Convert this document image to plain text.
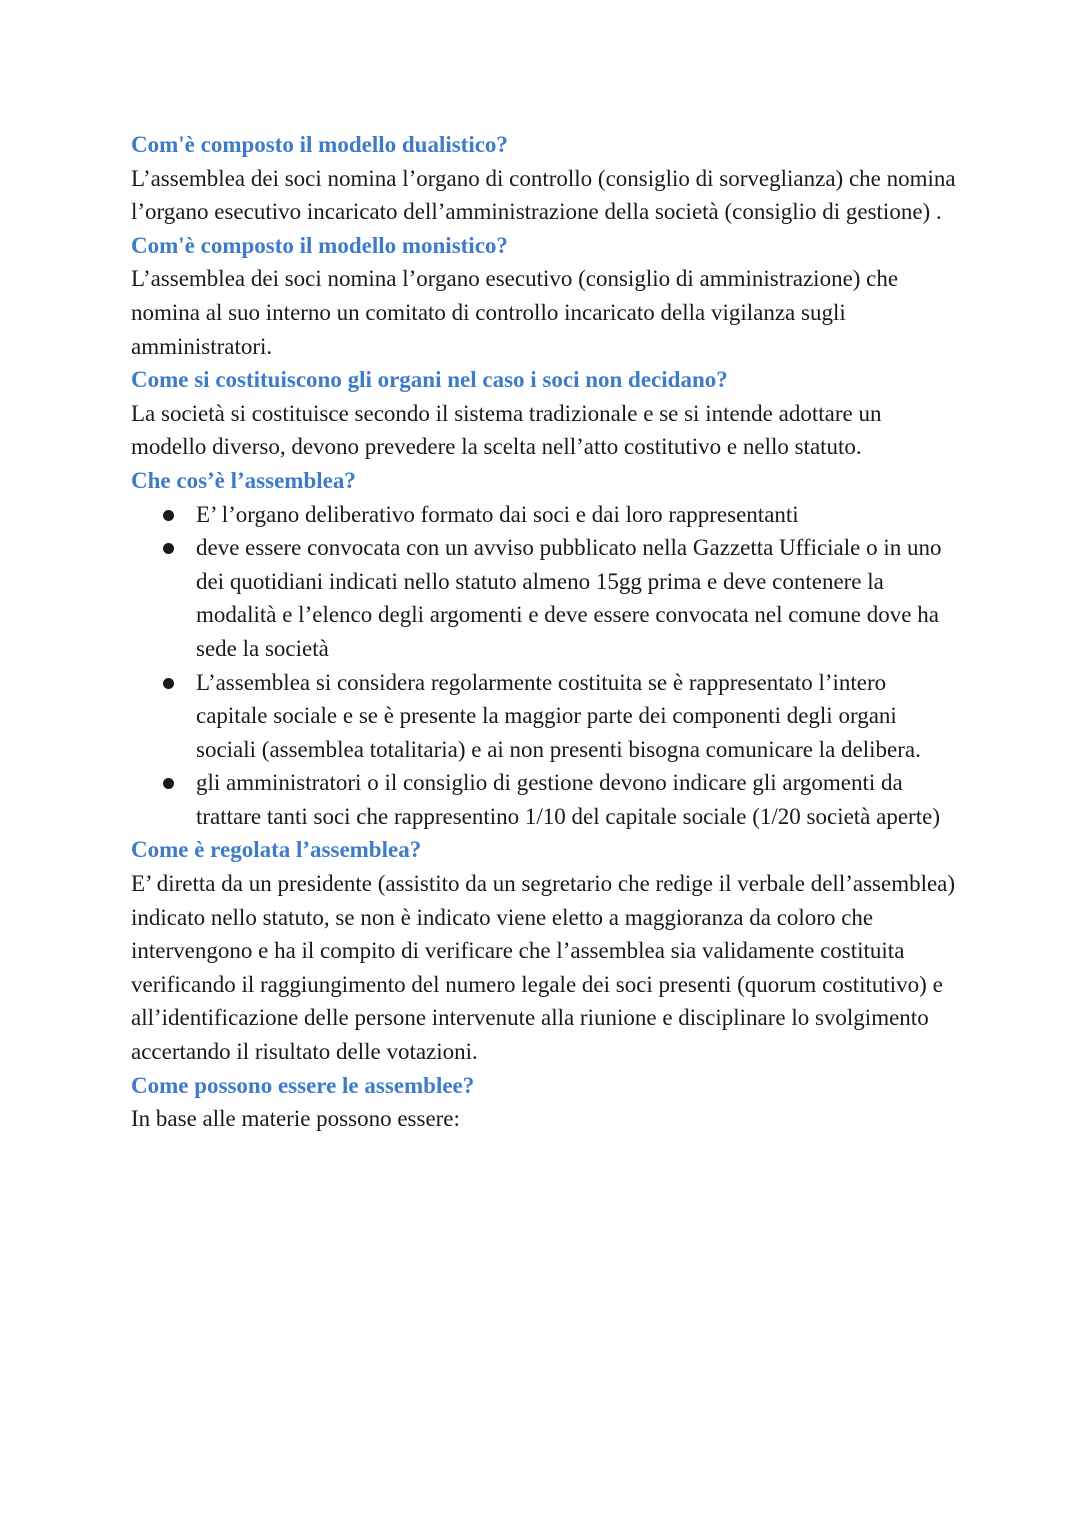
Com'è composto il modello dualistico?
L’assemblea dei soci nomina l’organo di controllo (consiglio di sorveglianza) che nomina l’organo esecutivo incaricato dell’amministrazione della società (consiglio di gestione) .
Com'è composto il modello monistico?
L’assemblea dei soci nomina l’organo esecutivo (consiglio di amministrazione) che nomina al suo interno un comitato di controllo incaricato della vigilanza sugli amministratori.
Come si costituiscono gli organi nel caso i soci non decidano?
La società si costituisce secondo il sistema tradizionale e se si intende adottare un modello diverso, devono prevedere la scelta nell’atto costitutivo e nello statuto.
Che cos’è l’assemblea?
E’ l’organo deliberativo formato dai soci e dai loro rappresentanti
deve essere convocata con un avviso pubblicato nella Gazzetta Ufficiale o in uno dei quotidiani indicati nello statuto almeno 15gg prima e deve contenere la modalità e l’elenco degli argomenti e deve essere convocata nel comune dove ha sede la società
L’assemblea si considera regolarmente costituita se è rappresentato l’intero capitale sociale e se è presente la maggior parte dei componenti degli organi sociali (assemblea totalitaria) e ai non presenti bisogna comunicare la delibera.
gli amministratori o il consiglio di gestione devono indicare gli argomenti da trattare tanti soci che rappresentino 1/10 del capitale sociale (1/20 società aperte)
Come è regolata l’assemblea?
E’ diretta da un presidente (assistito da un segretario che redige il verbale dell’assemblea) indicato nello statuto, se non è indicato viene eletto a maggioranza da coloro che intervengono e ha il compito di verificare che l’assemblea sia validamente costituita verificando il raggiungimento del numero legale dei soci presenti (quorum costitutivo) e all’identificazione delle persone intervenute alla riunione e disciplinare lo svolgimento accertando il risultato delle votazioni.
Come possono essere le assemblee?
In base alle materie possono essere:
